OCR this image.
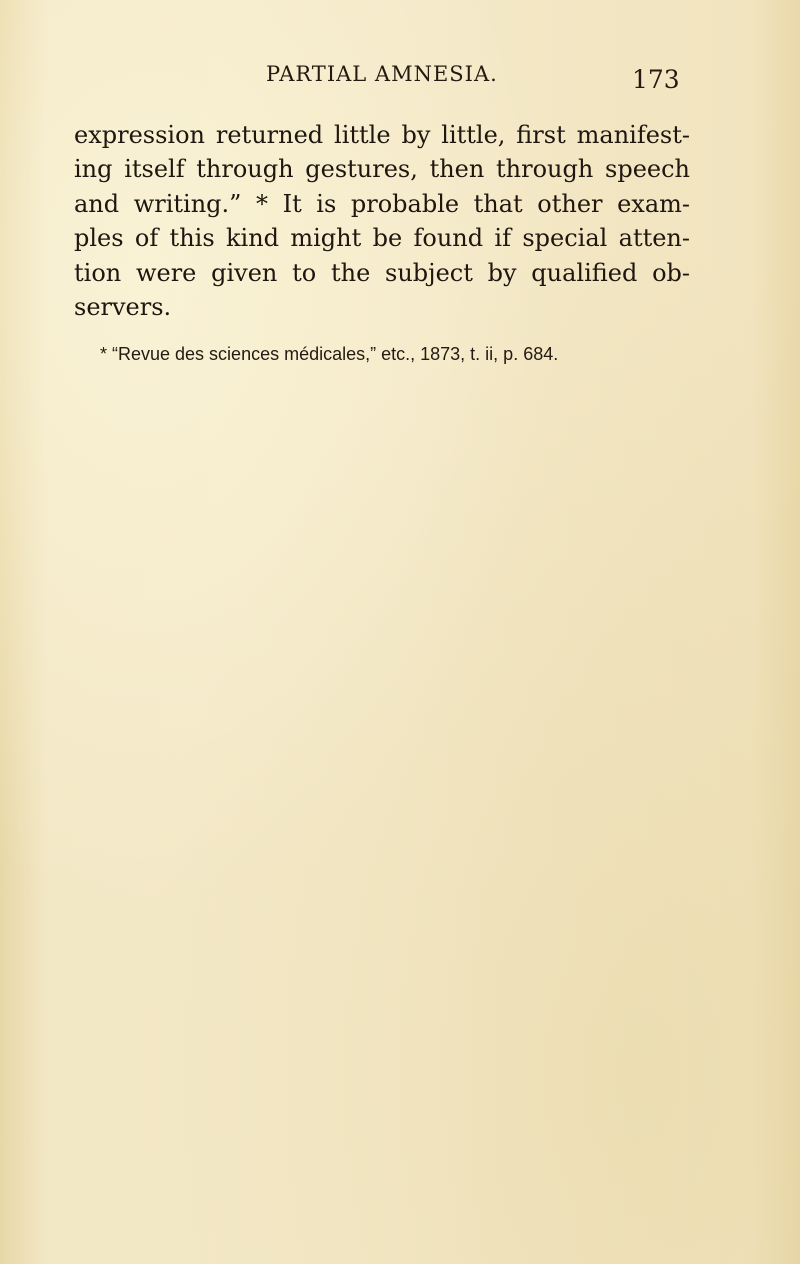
PARTIAL AMNESIA.	173
expression returned little by little, first manifest-
ing itself through gestures, then through speech
and writing.” * It is probable that other exam-
ples of this kind might be found if special atten-
tion were given to the subject by qualified ob-
servers.
* “Revue des sciences médicales,” etc., 1873, t. ii, p. 684.
